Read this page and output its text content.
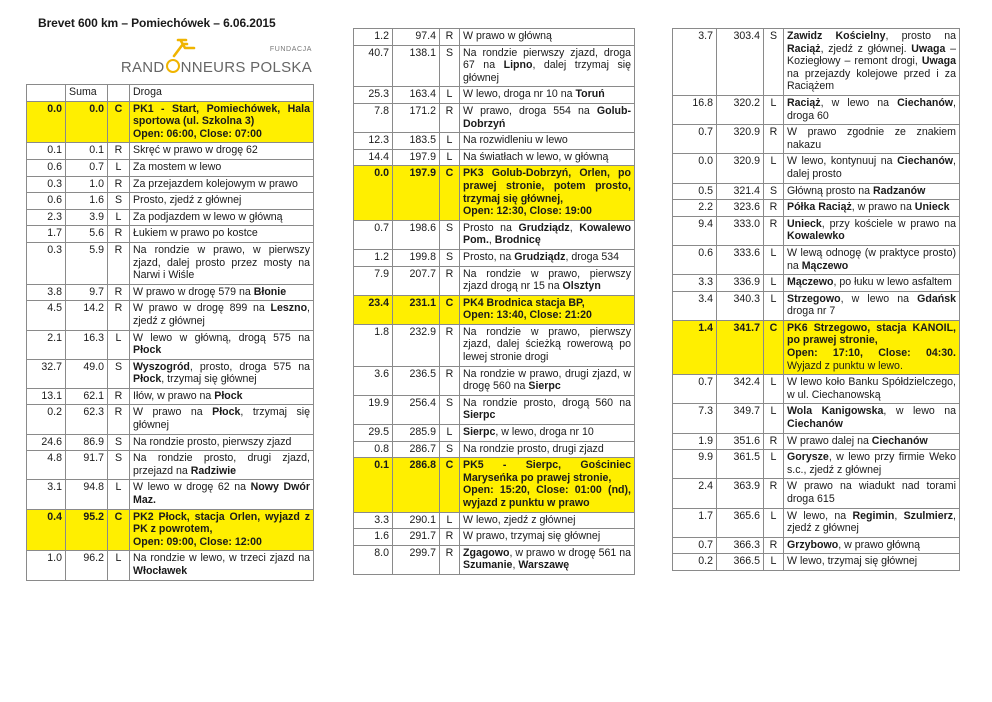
Brevet 600 km – Pomiechówek – 6.06.2015
FUNDACJA
RAND NNEURS POLSKA
	Suma		Droga
0.0	0.0	C	PK1 - Start, Pomiechówek, Hala sportowa (ul. Szkolna 3)
Open: 06:00, Close: 07:00
0.1	0.1	R	Skręć w prawo w drogę 62
0.6	0.7	L	Za mostem w lewo
0.3	1.0	R	Za przejazdem kolejowym w prawo
0.6	1.6	S	Prosto, zjedź z głównej
2.3	3.9	L	Za podjazdem w lewo w główną
1.7	5.6	R	Łukiem w prawo po kostce
0.3	5.9	R	Na rondzie w prawo, w pierwszy zjazd, dalej prosto przez mosty na Narwi i Wiśle
3.8	9.7	R	W prawo w drogę 579 na Błonie
4.5	14.2	R	W prawo w drogę 899 na Leszno, zjedź z głównej
2.1	16.3	L	W lewo w główną, drogą 575 na Płock
32.7	49.0	S	Wyszogród, prosto, droga 575 na Płock, trzymaj się głównej
13.1	62.1	R	Iłów, w prawo na Płock
0.2	62.3	R	W prawo na Płock, trzymaj się głównej
24.6	86.9	S	Na rondzie prosto, pierwszy zjazd
4.8	91.7	S	Na rondzie prosto, drugi zjazd, przejazd na Radziwie
3.1	94.8	L	W lewo w drogę 62 na Nowy Dwór Maz.
0.4	95.2	C	PK2 Płock, stacja Orlen, wyjazd z PK z powrotem,
Open: 09:00, Close: 12:00
1.0	96.2	L	Na rondzie w lewo, w trzeci zjazd na Włocławek
1.2	97.4	R	W prawo w główną
40.7	138.1	S	Na rondzie pierwszy zjazd, droga 67 na Lipno, dalej trzymaj się głównej
25.3	163.4	L	W lewo, droga nr 10 na Toruń
7.8	171.2	R	W prawo, droga 554 na Golub-Dobrzyń
12.3	183.5	L	Na rozwidleniu w lewo
14.4	197.9	L	Na światłach w lewo, w główną
0.0	197.9	C	PK3 Golub-Dobrzyń, Orlen, po prawej stronie, potem prosto, trzymaj się głównej,
Open: 12:30, Close: 19:00
0.7	198.6	S	Prosto na Grudziądz, Kowalewo Pom., Brodnicę
1.2	199.8	S	Prosto, na Grudziądz, droga 534
7.9	207.7	R	Na rondzie w prawo, pierwszy zjazd drogą nr 15 na Olsztyn
23.4	231.1	C	PK4 Brodnica stacja BP,
Open: 13:40, Close: 21:20
1.8	232.9	R	Na rondzie w prawo, pierwszy zjazd, dalej ścieżką rowerową po lewej stronie drogi
3.6	236.5	R	Na rondzie w prawo, drugi zjazd, w drogę 560 na Sierpc
19.9	256.4	S	Na rondzie prosto, drogą 560 na Sierpc
29.5	285.9	L	Sierpc, w lewo, droga nr 10
0.8	286.7	S	Na rondzie prosto, drugi zjazd
0.1	286.8	C	PK5 - Sierpc, Gościniec Maryseńka po prawej stronie,
Open: 15:20, Close: 01:00 (nd), wyjazd z punktu w prawo
3.3	290.1	L	W lewo, zjedź z głównej
1.6	291.7	R	W prawo, trzymaj się głównej
8.0	299.7	R	Zgagowo, w prawo w drogę 561 na Szumanie, Warszawę
3.7	303.4	S	Zawidz Kościelny, prosto na Raciąż, zjedź z głównej. Uwaga – Koziegłowy – remont drogi, Uwaga na przejazdy kolejowe przed i za Raciążem
16.8	320.2	L	Raciąż, w lewo na Ciechanów, droga 60
0.7	320.9	R	W prawo zgodnie ze znakiem nakazu
0.0	320.9	L	W lewo, kontynuuj na Ciechanów, dalej prosto
0.5	321.4	S	Główną prosto na Radzanów
2.2	323.6	R	Półka Raciąż, w prawo na Unieck
9.4	333.0	R	Unieck, przy kościele w prawo na Kowalewko
0.6	333.6	L	W lewą odnogę (w praktyce prosto) na Mączewo
3.3	336.9	L	Mączewo, po łuku w lewo asfaltem
3.4	340.3	L	Strzegowo, w lewo na Gdańsk droga nr 7
1.4	341.7	C	PK6 Strzegowo, stacja KANOIL, po prawej stronie,
Open: 17:10, Close: 04:30. Wyjazd z punktu w lewo.
0.7	342.4	L	W lewo koło Banku Spółdzielczego, w ul. Ciechanowską
7.3	349.7	L	Wola Kanigowska, w lewo na Ciechanów
1.9	351.6	R	W prawo dalej na Ciechanów
9.9	361.5	L	Gorysze, w lewo przy firmie Weko s.c., zjedź z głównej
2.4	363.9	R	W prawo na wiadukt nad torami droga 615
1.7	365.6	L	W lewo, na Regimin, Szulmierz, zjedź z głównej
0.7	366.3	R	Grzybowo, w prawo główną
0.2	366.5	L	W lewo, trzymaj się głównej
